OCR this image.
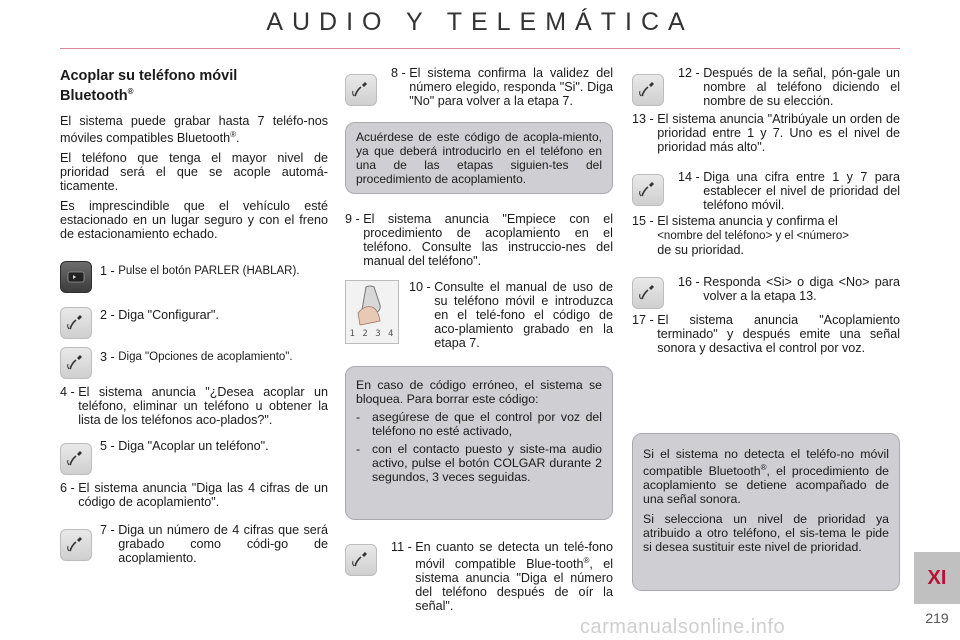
AUDIO Y TELEMÁTICA
Acoplar su teléfono móvil
Bluetooth®

El sistema puede grabar hasta 7 teléfo-nos móviles compatibles Bluetooth®.

El teléfono que tenga el mayor nivel de prioridad será el que se acople automá-ticamente.

Es imprescindible que el vehículo esté estacionado en un lugar seguro y con el freno de estacionamiento echado.

1 - Pulse el botón PARLER (HABLAR).
2 - Diga "Configurar".
3 - Diga "Opciones de acoplamiento".
4 - El sistema anuncia "¿Desea acoplar un teléfono, eliminar un teléfono u obtener la lista de los teléfonos aco-plados?".
5 - Diga "Acoplar un teléfono".
6 - El sistema anuncia "Diga las 4 cifras de un código de acoplamiento".
7 - Diga un número de 4 cifras que será grabado como códi-go de acoplamiento.
8 - El sistema confirma la validez del número elegido, responda "Si". Diga "No" para volver a la etapa 7.

Acuérdese de este código de acopla-miento, ya que deberá introducirlo en el teléfono en una de las etapas siguien-tes del procedimiento de acoplamiento.

9 - El sistema anuncia "Empiece con el procedimiento de acoplamiento en el teléfono. Consulte las instruccio-nes del manual del teléfono".
1 2 3 4
10 - Consulte el manual de uso de su teléfono móvil e introduzca en el telé-fono el código de aco-plamiento grabado en la etapa 7.

En caso de código erróneo, el sistema se bloquea. Para borrar este código:

- asegúrese de que el control por voz del teléfono no esté activado,
- con el contacto puesto y siste-ma audio activo, pulse el botón COLGAR durante 2 segundos, 3 veces seguidas.
11 - En cuanto se detecta un telé-fono móvil compatible Blue-tooth®, el sistema anuncia "Diga el número del teléfono después de oír la señal".
12 - Después de la señal, pón-gale un nombre al teléfono diciendo el nombre de su elección.
13 - El sistema anuncia "Atribúyale un orden de prioridad entre 1 y 7. Uno es el nivel de prioridad más alto".
14 - Diga una cifra entre 1 y 7 para establecer el nivel de prioridad del teléfono móvil.
15 - El sistema anuncia y confirma el
<nombre del teléfono> y el <número>
de su prioridad.
16 - Responda <Si> o diga <No> para volver a la etapa 13.
17 - El sistema anuncia "Acoplamiento terminado" y después emite una señal sonora y desactiva el control por voz.

Si el sistema no detecta el teléfo-no móvil compatible Bluetooth®, el procedimiento de acoplamiento se detiene acompañado de una señal sonora.

Si selecciona un nivel de prioridad ya atribuido a otro teléfono, el sis-tema le pide si desea sustituir este nivel de prioridad.

carmanualsonline.info
XI
219
